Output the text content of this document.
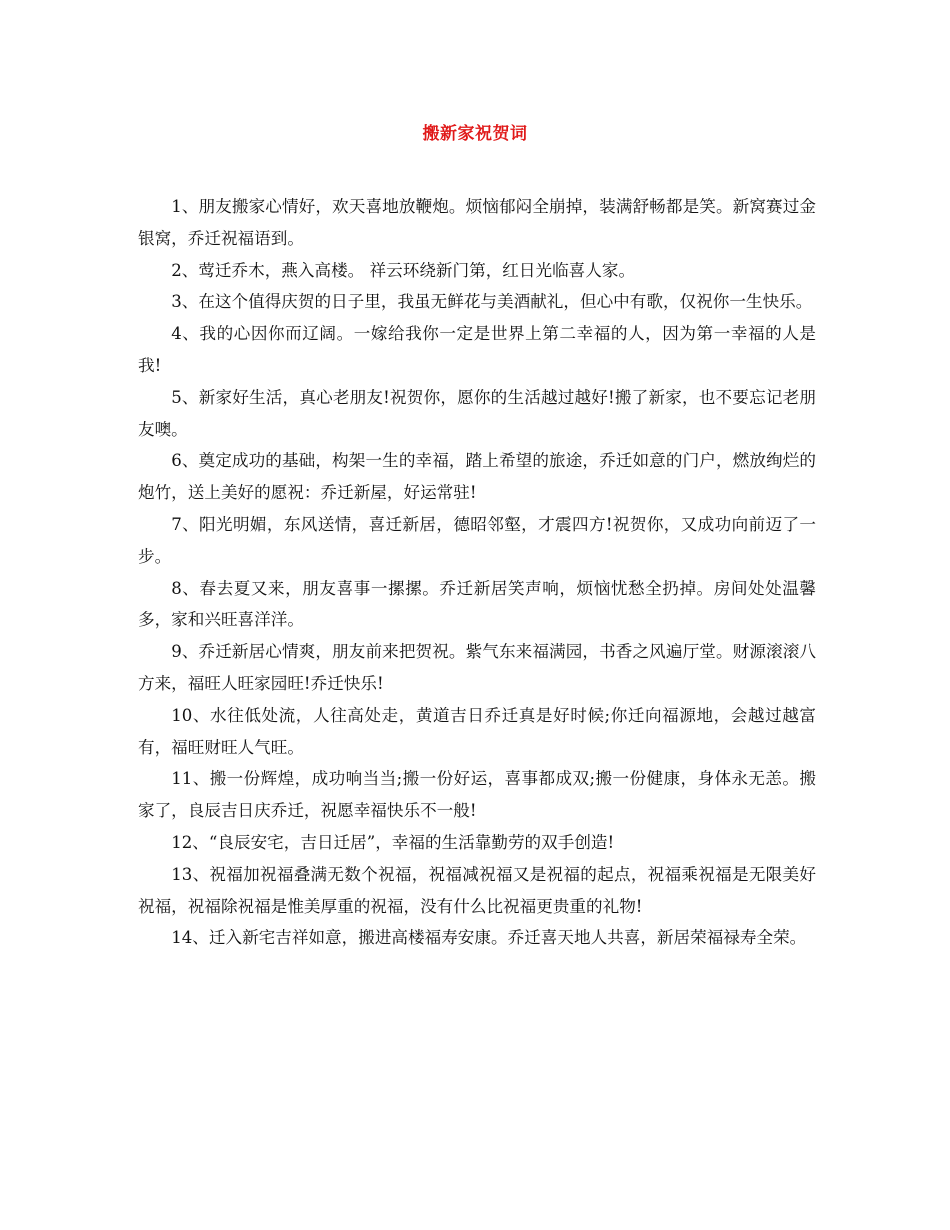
搬新家祝贺词

1、朋友搬家心情好，欢天喜地放鞭炮。烦恼郁闷全崩掉，装满舒畅都是笑。新窝赛过金银窝，乔迁祝福语到。

2、莺迁乔木，燕入高楼。 祥云环绕新门第，红日光临喜人家。

3、在这个值得庆贺的日子里，我虽无鲜花与美酒献礼，但心中有歌，仅祝你一生快乐。

4、我的心因你而辽阔。一嫁给我你一定是世界上第二幸福的人，因为第一幸福的人是我!

5、新家好生活，真心老朋友!祝贺你，愿你的生活越过越好!搬了新家，也不要忘记老朋友噢。

6、奠定成功的基础，构架一生的幸福，踏上希望的旅途，乔迁如意的门户，燃放绚烂的炮竹，送上美好的愿祝：乔迁新屋，好运常驻!

7、阳光明媚，东风送情，喜迁新居，德昭邻壑，才震四方!祝贺你，又成功向前迈了一步。

8、春去夏又来，朋友喜事一摞摞。乔迁新居笑声响，烦恼忧愁全扔掉。房间处处温馨多，家和兴旺喜洋洋。

9、乔迁新居心情爽，朋友前来把贺祝。紫气东来福满园，书香之风遍厅堂。财源滚滚八方来，福旺人旺家园旺!乔迁快乐!

10、水往低处流，人往高处走，黄道吉日乔迁真是好时候;你迁向福源地，会越过越富有，福旺财旺人气旺。

11、搬一份辉煌，成功响当当;搬一份好运，喜事都成双;搬一份健康，身体永无恙。搬家了，良辰吉日庆乔迁，祝愿幸福快乐不一般!

12、“良辰安宅，吉日迁居”，幸福的生活靠勤劳的双手创造!

13、祝福加祝福叠满无数个祝福，祝福减祝福又是祝福的起点，祝福乘祝福是无限美好祝福，祝福除祝福是惟美厚重的祝福，没有什么比祝福更贵重的礼物!

14、迁入新宅吉祥如意，搬进高楼福寿安康。乔迁喜天地人共喜，新居荣福禄寿全荣。
